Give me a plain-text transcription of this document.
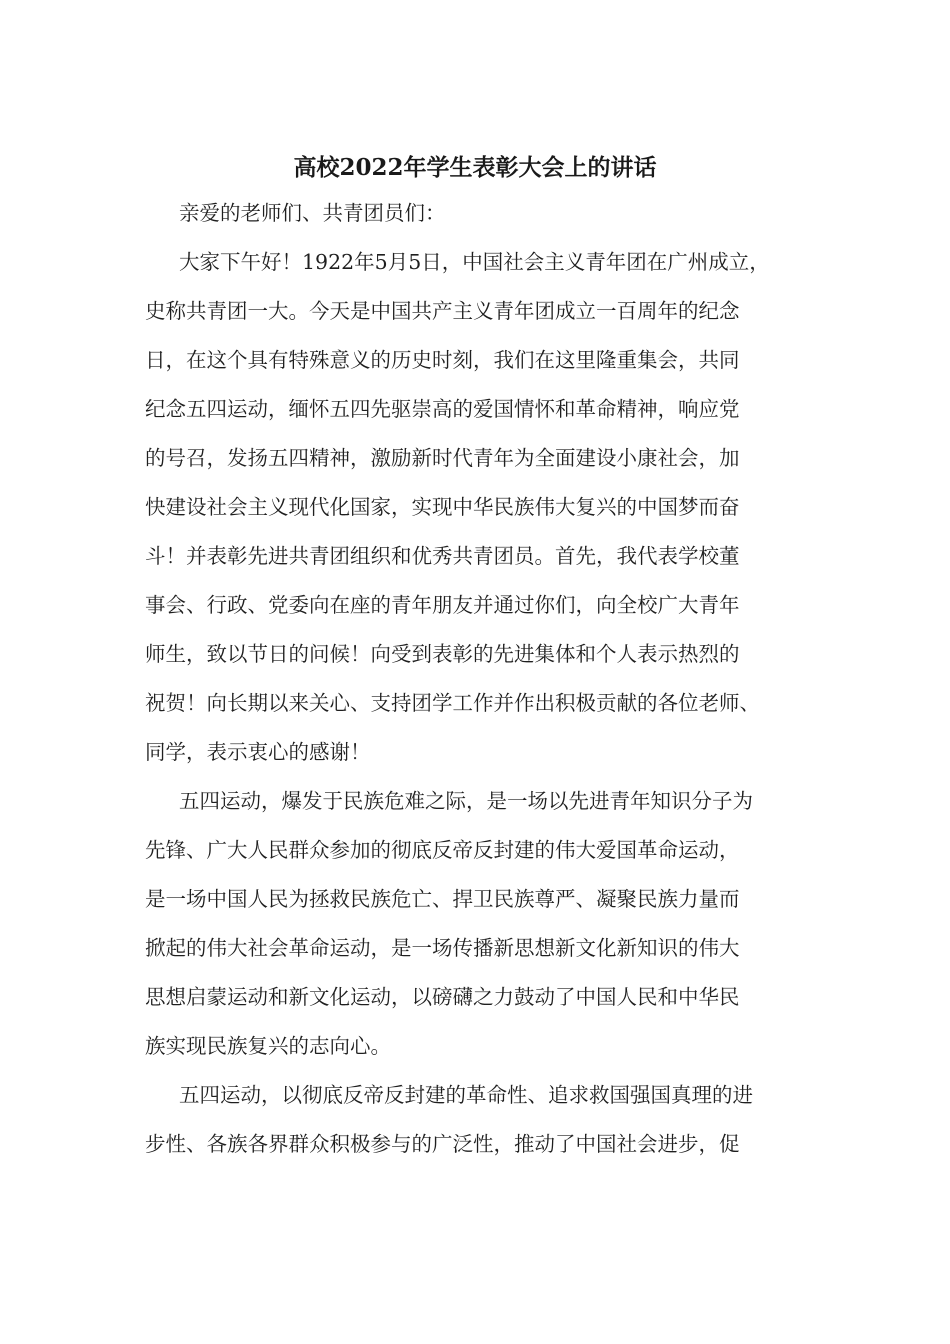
高校2022年学生表彰大会上的讲话
亲爱的老师们、共青团员们：
大家下午好！1922年5月5日，中国社会主义青年团在广州成立，
史称共青团一大。今天是中国共产主义青年团成立一百周年的纪念
日，在这个具有特殊意义的历史时刻，我们在这里隆重集会，共同
纪念五四运动，缅怀五四先驱崇高的爱国情怀和革命精神，响应党
的号召，发扬五四精神，激励新时代青年为全面建设小康社会，加
快建设社会主义现代化国家，实现中华民族伟大复兴的中国梦而奋
斗！并表彰先进共青团组织和优秀共青团员。首先，我代表学校董
事会、行政、党委向在座的青年朋友并通过你们，向全校广大青年
师生，致以节日的问候！向受到表彰的先进集体和个人表示热烈的
祝贺！向长期以来关心、支持团学工作并作出积极贡献的各位老师、
同学，表示衷心的感谢！
五四运动，爆发于民族危难之际，是一场以先进青年知识分子为
先锋、广大人民群众参加的彻底反帝反封建的伟大爱国革命运动，
是一场中国人民为拯救民族危亡、捍卫民族尊严、凝聚民族力量而
掀起的伟大社会革命运动，是一场传播新思想新文化新知识的伟大
思想启蒙运动和新文化运动，以磅礴之力鼓动了中国人民和中华民
族实现民族复兴的志向心。
五四运动，以彻底反帝反封建的革命性、追求救国强国真理的进
步性、各族各界群众积极参与的广泛性，推动了中国社会进步，促
